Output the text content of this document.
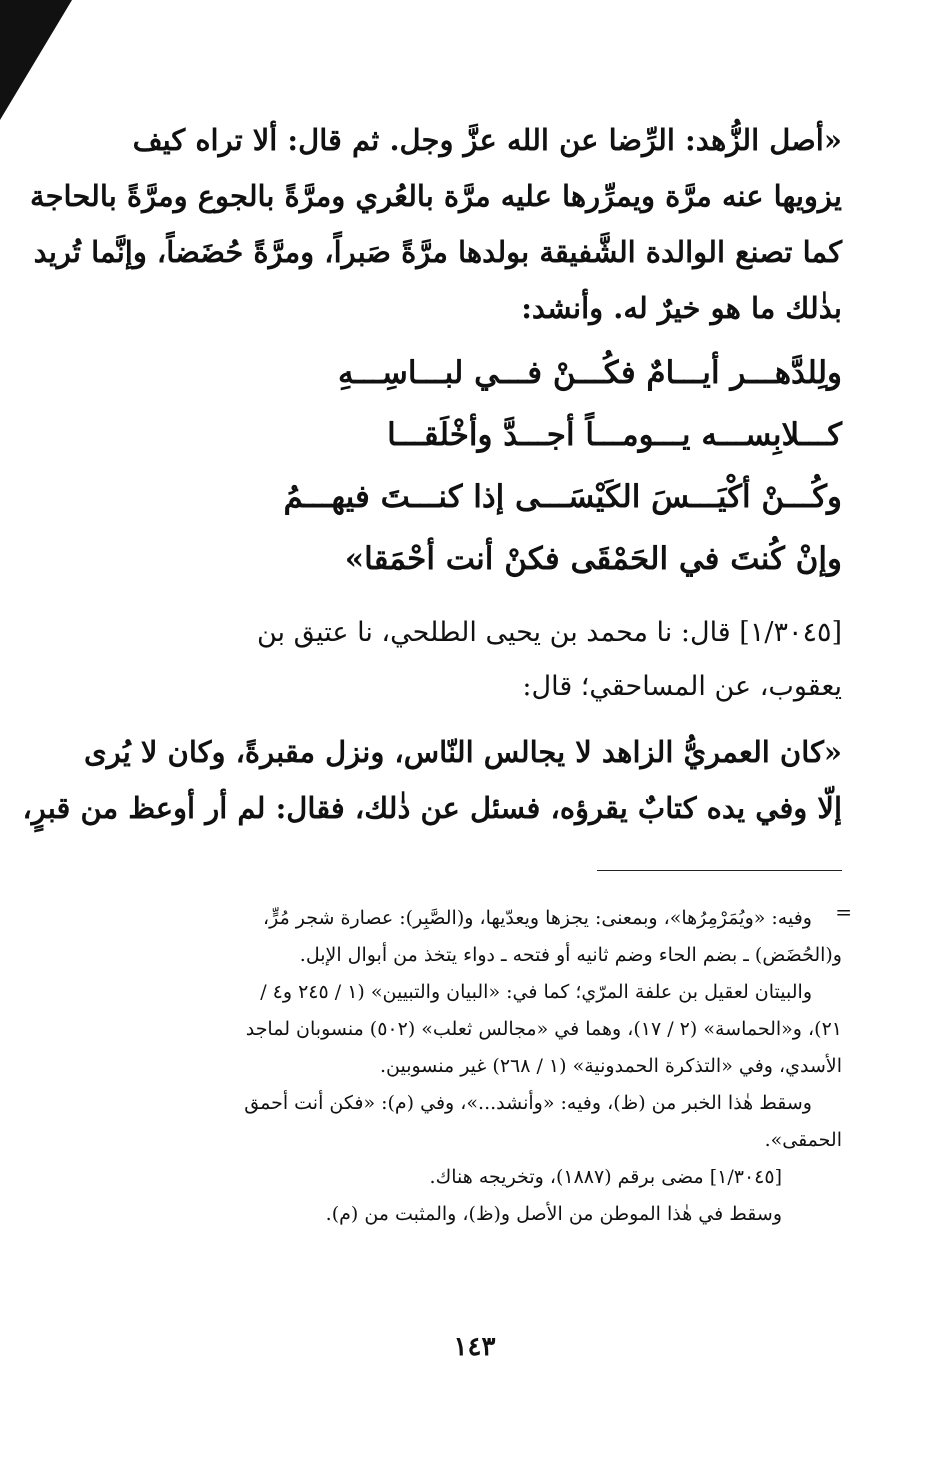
«أصل الزُّهد: الرِّضا عن الله عزَّ وجل. ثم قال: ألا تراه كيف
يزويها عنه مرَّة ويمرِّرها عليه مرَّة بالعُري ومرَّةً بالجوع ومرَّةً بالحاجة
كما تصنع الوالدة الشَّفيقة بولدها مرَّةً صَبراً، ومرَّةً حُضَضاً، وإنَّما تُريد
بذٰلك ما هو خيرٌ له. وأنشد:
ولِلدَّهـــر أيـــامٌ فكُـــنْ فـــي لبـــاسِـــهِ
كـــلابِســـه يـــومـــاً أجـــدَّ وأخْلَقـــا
وكُـــنْ أكْيَـــسَ الكَيْسَـــى إذا كنـــتَ فيهـــمُ
وإنْ كُنتَ في الحَمْقَى فكنْ أنت أحْمَقا»
[١/٣٠٤٥] قال: نا محمد بن يحيى الطلحي، نا عتيق بن
يعقوب، عن المساحقي؛ قال:
«كان العمريُّ الزاهد لا يجالس النّاس، ونزل مقبرةً، وكان لا يُرى
إلّا وفي يده كتابٌ يقرؤه، فسئل عن ذٰلك، فقال: لم أر أوعظ من قبرٍ،
=
وفيه: «ويُمَرْمِرُها»، وبمعنى: يجزها ويعدّيها، و(الصَّبِر): عصارة شجر مُرٍّ،
و(الحُضَض) ـ بضم الحاء وضم ثانيه أو فتحه ـ دواء يتخذ من أبوال الإبل.
والبيتان لعقيل بن علفة المرّي؛ كما في: «البيان والتبيين» (١ / ٢٤٥ و٤ /
٢١)، و«الحماسة» (٢ / ١٧)، وهما في «مجالس ثعلب» (٥٠٢) منسوبان لماجد
الأسدي، وفي «التذكرة الحمدونية» (١ / ٢٦٨) غير منسوبين.
وسقط هٰذا الخبر من (ظ)، وفيه: «وأنشد...»، وفي (م): «فكن أنت أحمق
الحمقى».
[١/٣٠٤٥] مضى برقم (١٨٨٧)، وتخريجه هناك.
وسقط في هٰذا الموطن من الأصل و(ظ)، والمثبت من (م).
١٤٣
